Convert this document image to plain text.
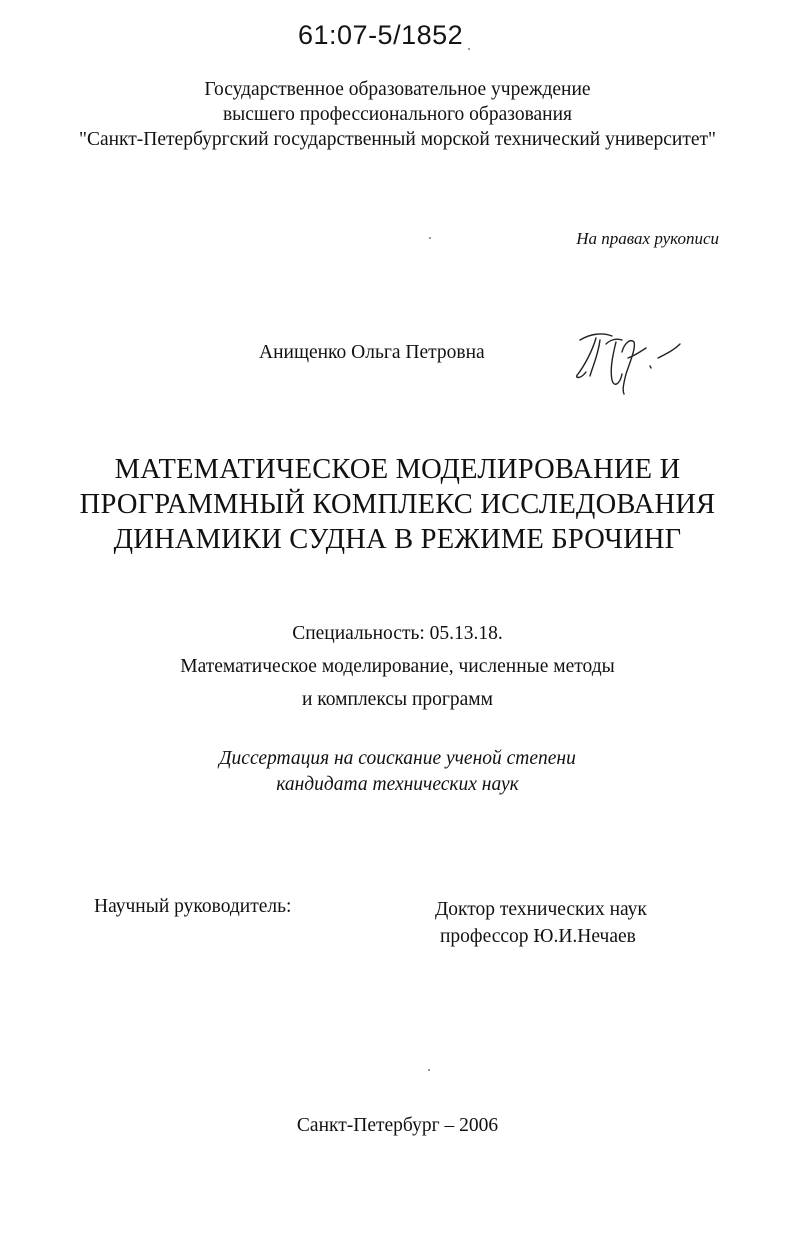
61:07-5/1852
Государственное образовательное учреждение
высшего профессионального образования
"Санкт-Петербургский государственный морской технический университет"
На правах рукописи
Анищенко Ольга Петровна
МАТЕМАТИЧЕСКОЕ МОДЕЛИРОВАНИЕ И
ПРОГРАММНЫЙ КОМПЛЕКС ИССЛЕДОВАНИЯ
ДИНАМИКИ СУДНА В РЕЖИМЕ БРОЧИНГ
Специальность: 05.13.18.
Математическое моделирование, численные методы
и комплексы программ
Диссертация на соискание ученой степени
кандидата технических наук
Научный руководитель:	Доктор технических наук
профессор Ю.И.Нечаев
Санкт-Петербург – 2006
